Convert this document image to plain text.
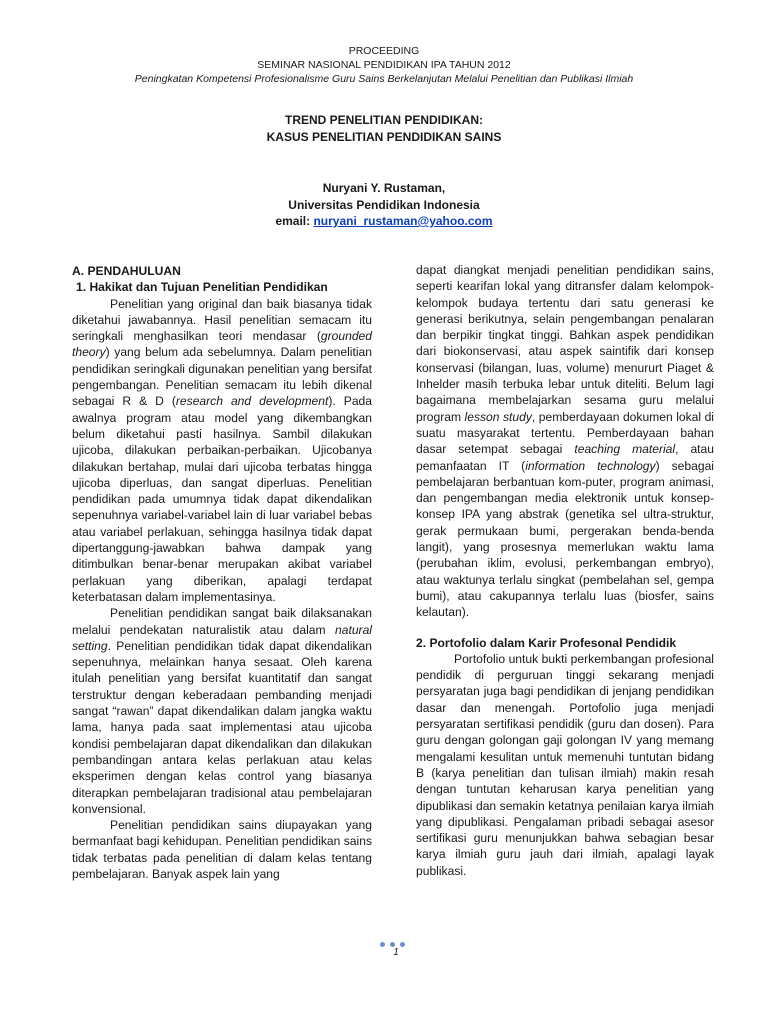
PROCEEDING
SEMINAR NASIONAL PENDIDIKAN IPA TAHUN 2012
Peningkatan Kompetensi Profesionalisme Guru Sains Berkelanjutan Melalui Penelitian dan Publikasi Ilmiah
TREND PENELITIAN PENDIDIKAN:
KASUS PENELITIAN PENDIDIKAN SAINS
Nuryani Y. Rustaman,
Universitas Pendidikan Indonesia
email: nuryani_rustaman@yahoo.com
A. PENDAHULUAN
1. Hakikat dan Tujuan Penelitian Pendidikan

Penelitian yang original dan baik biasanya tidak diketahui jawabannya. Hasil penelitian semacam itu seringkali menghasilkan teori mendasar (grounded theory) yang belum ada sebelumnya. Dalam penelitian pendidikan seringkali digunakan penelitian yang bersifat pengembangan. Penelitian semacam itu lebih dikenal sebagai R & D (research and development). Pada awalnya program atau model yang dikembangkan belum diketahui pasti hasilnya. Sambil dilakukan ujicoba, dilakukan perbaikan-perbaikan. Ujicobanya dilakukan bertahap, mulai dari ujicoba terbatas hingga ujicoba diperluas, dan sangat diperluas. Penelitian pendidikan pada umumnya tidak dapat dikendalikan sepenuhnya variabel-variabel lain di luar variabel bebas atau variabel perlakuan, sehingga hasilnya tidak dapat dipertanggung-jawabkan bahwa dampak yang ditimbulkan benar-benar merupakan akibat variabel perlakuan yang diberikan, apalagi terdapat keterbatasan dalam implementasinya.

Penelitian pendidikan sangat baik dilaksanakan melalui pendekatan naturalistik atau dalam natural setting. Penelitian pendidikan tidak dapat dikendalikan sepenuhnya, melainkan hanya sesaat. Oleh karena itulah penelitian yang bersifat kuantitatif dan sangat terstruktur dengan keberadaan pembanding menjadi sangat “rawan” dapat dikendalikan dalam jangka waktu lama, hanya pada saat implementasi atau ujicoba kondisi pembelajaran dapat dikendalikan dan dilakukan pembandingan antara kelas perlakuan atau kelas eksperimen dengan kelas control yang biasanya diterapkan pembelajaran tradisional atau pembelajaran konvensional.

Penelitian pendidikan sains diupayakan yang bermanfaat bagi kehidupan. Penelitian pendidikan sains tidak terbatas pada penelitian di dalam kelas tentang pembelajaran. Banyak aspek lain yang

dapat diangkat menjadi penelitian pendidikan sains, seperti kearifan lokal yang ditransfer dalam kelompok-kelompok budaya tertentu dari satu generasi ke generasi berikutnya, selain pengembangan penalaran dan berpikir tingkat tinggi. Bahkan aspek pendidikan dari biokonservasi, atau aspek saintifik dari konsep konservasi (bilangan, luas, volume) menururt Piaget & Inhelder masih terbuka lebar untuk diteliti. Belum lagi bagaimana membelajarkan sesama guru melalui program lesson study, pemberdayaan dokumen lokal di suatu masyarakat tertentu. Pemberdayaan bahan dasar setempat sebagai teaching material, atau pemanfaatan IT (information technology) sebagai pembelajaran berbantuan kom-puter, program animasi, dan pengembangan media elektronik untuk konsep-konsep IPA yang abstrak (genetika sel ultra-struktur, gerak permukaan bumi, pergerakan benda-benda langit), yang prosesnya memerlukan waktu lama (perubahan iklim, evolusi, perkembangan embryo), atau waktunya terlalu singkat (pembelahan sel, gempa bumi), atau cakupannya terlalu luas (biosfer, sains kelautan).

2. Portofolio dalam Karir Profesonal Pendidik

Portofolio untuk bukti perkembangan profesional pendidik di perguruan tinggi sekarang menjadi persyaratan juga bagi pendidikan di jenjang pendidikan dasar dan menengah. Portofolio juga menjadi persyaratan sertifikasi pendidik (guru dan dosen). Para guru dengan golongan gaji golongan IV yang memang mengalami kesulitan untuk memenuhi tuntutan bidang B (karya penelitian dan tulisan ilmiah) makin resah dengan tuntutan keharusan karya penelitian yang dipublikasi dan semakin ketatnya penilaian karya ilmiah yang dipublikasi. Pengalaman pribadi sebagai asesor sertifikasi guru menunjukkan bahwa sebagian besar karya ilmiah guru jauh dari ilmiah, apalagi layak publikasi.

1
